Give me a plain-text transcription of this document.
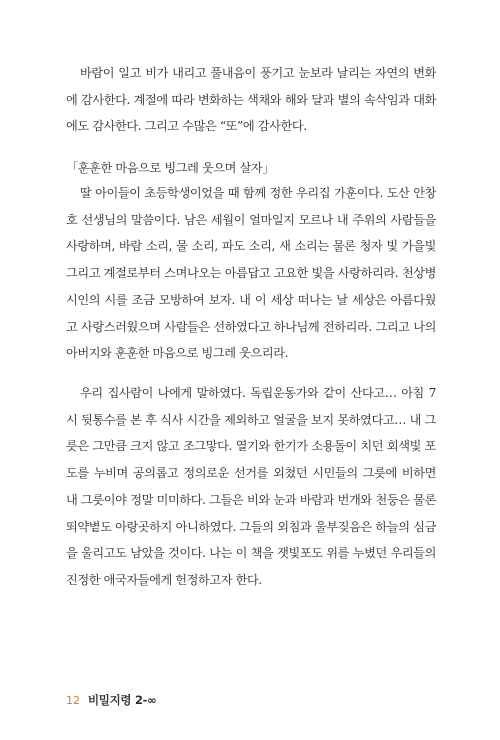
바람이 일고 비가 내리고 풀내음이 풍기고 눈보라 날리는 자연의 변화에 감사한다. 계절에 따라 변화하는 색채와 해와 달과 별의 속삭임과 대화에도 감사한다. 그리고 수많은 “또”에 감사한다.

「훈훈한 마음으로 빙그레 웃으며 살자」

딸 아이들이 초등학생이었을 때 함께 정한 우리집 가훈이다. 도산 안창호 선생님의 말씀이다. 남은 세월이 얼마일지 모르나 내 주위의 사람들을 사랑하며, 바람 소리, 물 소리, 파도 소리, 새 소리는 물론 청자 빛 가을빛 그리고 계절로부터 스며나오는 아름답고 고요한 빛을 사랑하리라. 천상병 시인의 시를 조금 모방하여 보자. 내 이 세상 떠나는 날 세상은 아름다웠고 사랑스러웠으며 사람들은 선하였다고 하나님께 전하리라. 그리고 나의 아버지와 훈훈한 마음으로 빙그레 웃으리라.

우리 집사람이 나에게 말하였다. 독립운동가와 같이 산다고… 아침 7시 뒷통수를 본 후 식사 시간을 제외하고 얼굴을 보지 못하였다고… 내 그릇은 그만큼 크지 않고 조그맣다. 열기와 한기가 소용돌이 치던 회색빛 포도를 누비며 공의롭고 정의로운 선거를 외쳤던 시민들의 그릇에 비하면 내 그릇이야 정말 미미하다. 그들은 비와 눈과 바람과 번개와 천둥은 물론 뙤약볕도 아랑곳하지 아니하였다. 그들의 외침과 울부짖음은 하늘의 심금을 울리고도 남았을 것이다. 나는 이 책을 잿빛포도 위를 누볐던 우리들의 진정한 애국자들에게 헌정하고자 한다.

12 비밀지령 2-∞
